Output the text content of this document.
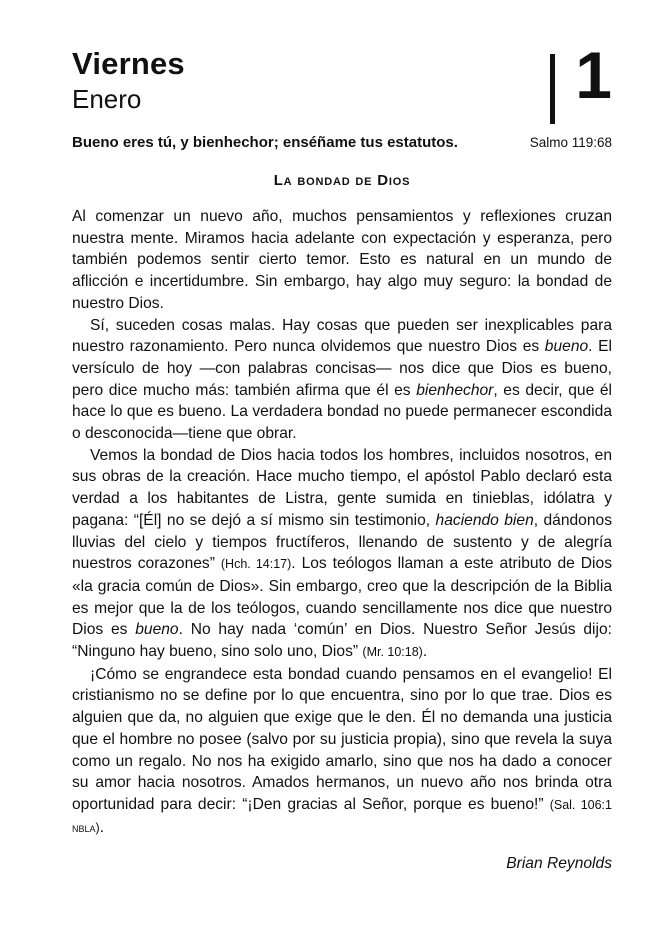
Viernes
Enero	1
Bueno eres tú, y bienhechor; enséñame tus estatutos.	Salmo 119:68
La bondad de Dios

Al comenzar un nuevo año, muchos pensamientos y reflexiones cruzan nuestra mente. Miramos hacia adelante con expectación y esperanza, pero también podemos sentir cierto temor. Esto es natural en un mundo de aflicción e incertidumbre. Sin embargo, hay algo muy seguro: la bondad de nuestro Dios.

Sí, suceden cosas malas. Hay cosas que pueden ser inexplicables para nuestro razonamiento. Pero nunca olvidemos que nuestro Dios es bueno. El versículo de hoy —con palabras concisas— nos dice que Dios es bueno, pero dice mucho más: también afirma que él es bienhechor, es decir, que él hace lo que es bueno. La verdadera bondad no puede permanecer escondida o desconocida—tiene que obrar.

Vemos la bondad de Dios hacia todos los hombres, incluidos nosotros, en sus obras de la creación. Hace mucho tiempo, el apóstol Pablo declaró esta verdad a los habitantes de Listra, gente sumida en tinieblas, idólatra y pagana: “[Él] no se dejó a sí mismo sin testimonio, haciendo bien, dándonos lluvias del cielo y tiempos fructíferos, llenando de sustento y de alegría nuestros corazones” (Hch. 14:17). Los teólogos llaman a este atributo de Dios «la gracia común de Dios». Sin embargo, creo que la descripción de la Biblia es mejor que la de los teólogos, cuando sencillamente nos dice que nuestro Dios es bueno. No hay nada ‘común’ en Dios. Nuestro Señor Jesús dijo: “Ninguno hay bueno, sino solo uno, Dios” (Mr. 10:18).

¡Cómo se engrandece esta bondad cuando pensamos en el evangelio! El cristianismo no se define por lo que encuentra, sino por lo que trae. Dios es alguien que da, no alguien que exige que le den. Él no demanda una justicia que el hombre no posee (salvo por su justicia propia), sino que revela la suya como un regalo. No nos ha exigido amarlo, sino que nos ha dado a conocer su amor hacia nosotros. Amados hermanos, un nuevo año nos brinda otra oportunidad para decir: “¡Den gracias al Señor, porque es bueno!” (Sal. 106:1 nbla).

Brian Reynolds
